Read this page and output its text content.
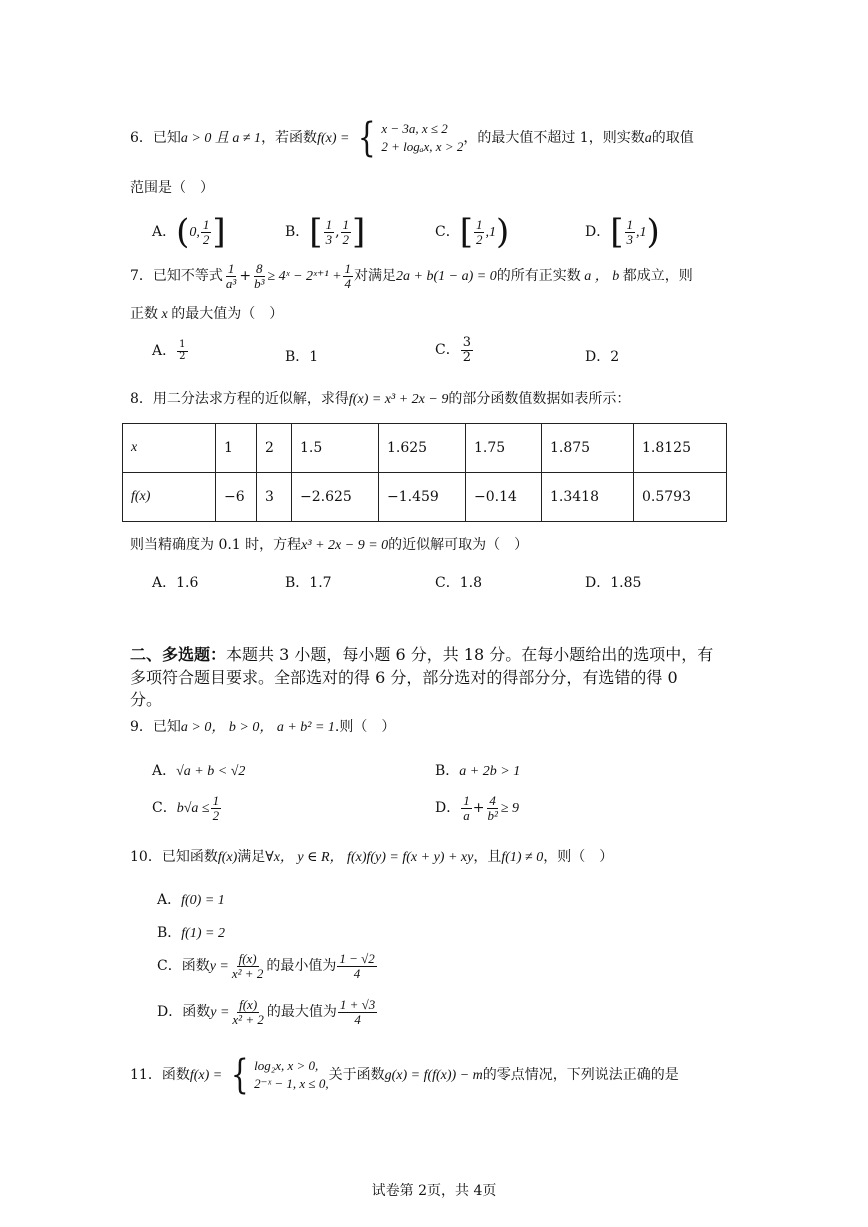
6．已知a > 0 且 a ≠ 1，若函数f(x) = { x − 3a, x ≤ 2
2 + logₐx, x > 2
，的最大值不超过 1，则实数a的取值
范围是（　）
A．(0, $\frac{1}{2}$ ]	B．[ $\frac{1}{3}$ , $\frac{1}{2}$ ]	C．[ $\frac{1}{2} ,1$)	D．[ $\frac{1}{3} ,1$)
7．已知不等式 $\frac{1}{\text{a³}} + \frac{8}{\text{b³}}$ ≥ 4ˣ − 2ˣ⁺¹ + $\frac{1}{4}$ 对满足2a + b(1 − a) = 0的所有正实数 a ， b 都成立，则
正数 x 的最大值为（　）
A． $\frac{1}{2}$	B．1	C． $\frac{3}{2}$	D．2
8．用二分法求方程的近似解，求得f(x) = x³ + 2x − 9的部分函数值数据如表所示：
x	1	2	1.5	1.625	1.75	1.875	1.8125
f(x)	−6	3	−2.625	−1.459	−0.14	1.3418	0.5793
则当精确度为 0.1 时，方程x³ + 2x − 9 = 0的近似解可取为（　）
A．1.6	B．1.7	C．1.8	D．1.85
二、多选题：本题共 3 小题，每小题 6 分，共 18 分。在每小题给出的选项中，有
多项符合题目要求。全部选对的得 6 分，部分选对的得部分分，有选错的得 0
分。
9．已知a > 0， b > 0， a + b² = 1.则（　）
A．√a + b < √2	B．a + 2b > 1
C．$b√a \le \frac{1}{2}$	D． $\frac{1}{a} + \frac{4}{\text{b²}} \ge 9$
10．已知函数f(x)满足∀x， y ∈ R， f(x)f(y) = f(x + y) + xy，且f(1) ≠ 0，则（　）
A．f(0) = 1
B．f(1) = 2
C．函数$y = \frac{f(x)}{\text{x² + 2}}$ 的最小值为 $\frac{1 - √2}{4}$
D．函数$y = \frac{f(x)}{\text{x² + 2}}$ 的最大值为 $\frac{1 + √3}{4}$
11．函数f(x) = { log₂x, x > 0,
2⁻ˣ − 1, x ≤ 0,
关于函数g(x) = f(f(x)) − m的零点情况，下列说法正确的是
试卷第 2页，共 4页
